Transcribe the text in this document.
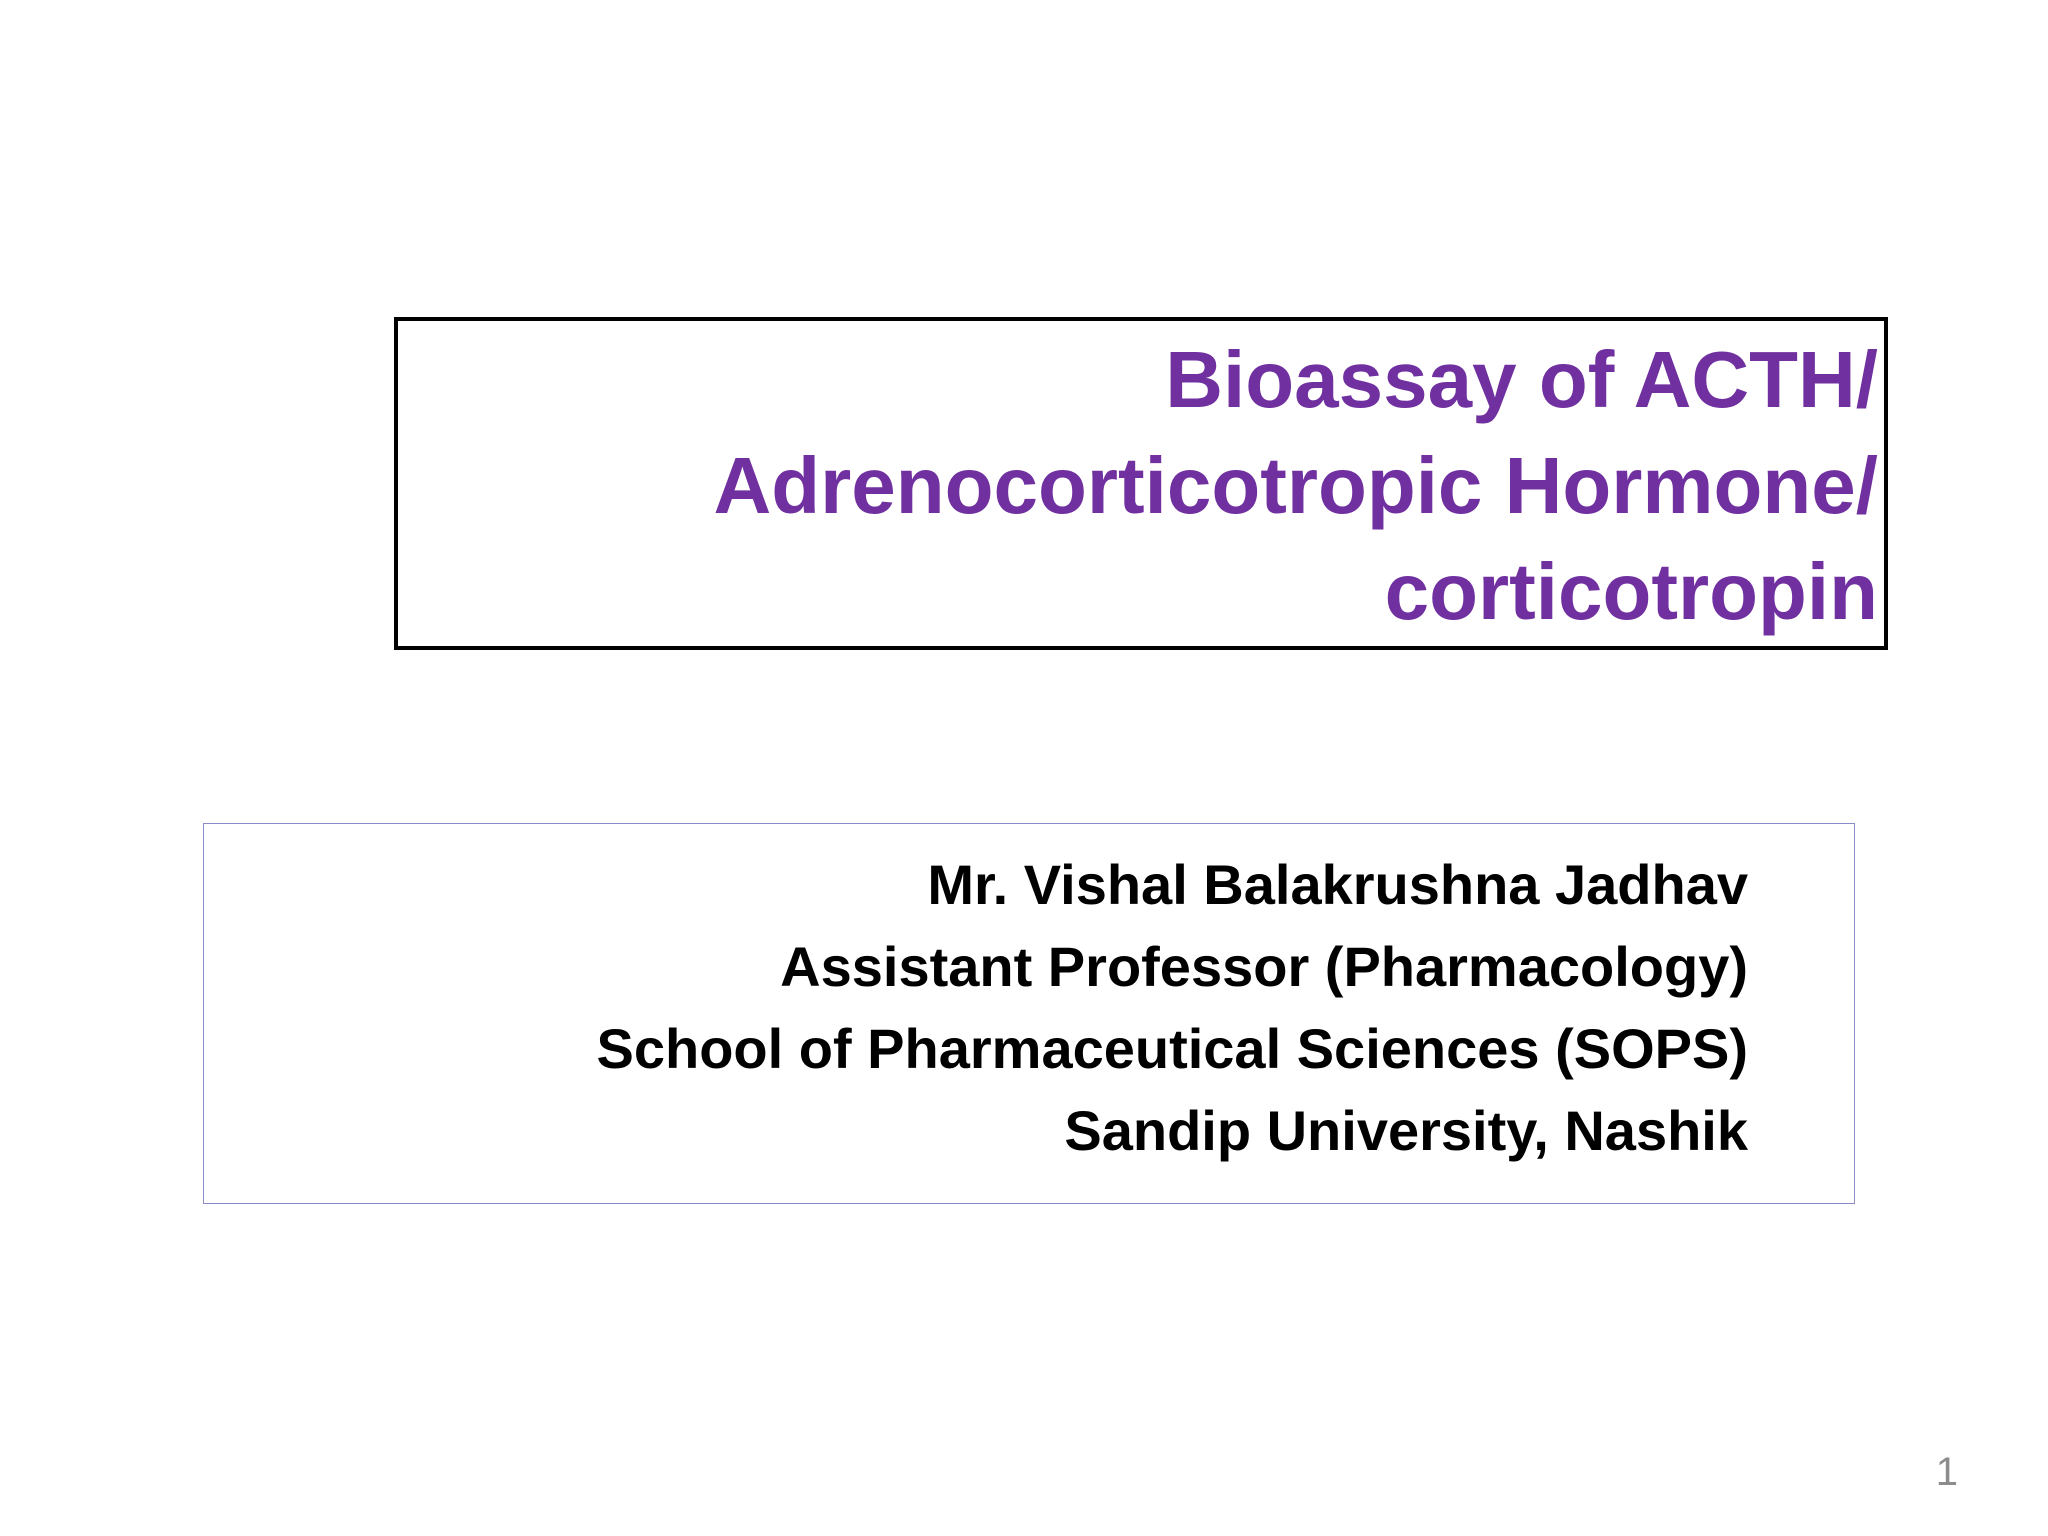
Bioassay of ACTH/
Adrenocorticotropic Hormone/
corticotropin
Mr. Vishal Balakrushna Jadhav
Assistant Professor (Pharmacology)
School of Pharmaceutical Sciences (SOPS)
Sandip University, Nashik
1
